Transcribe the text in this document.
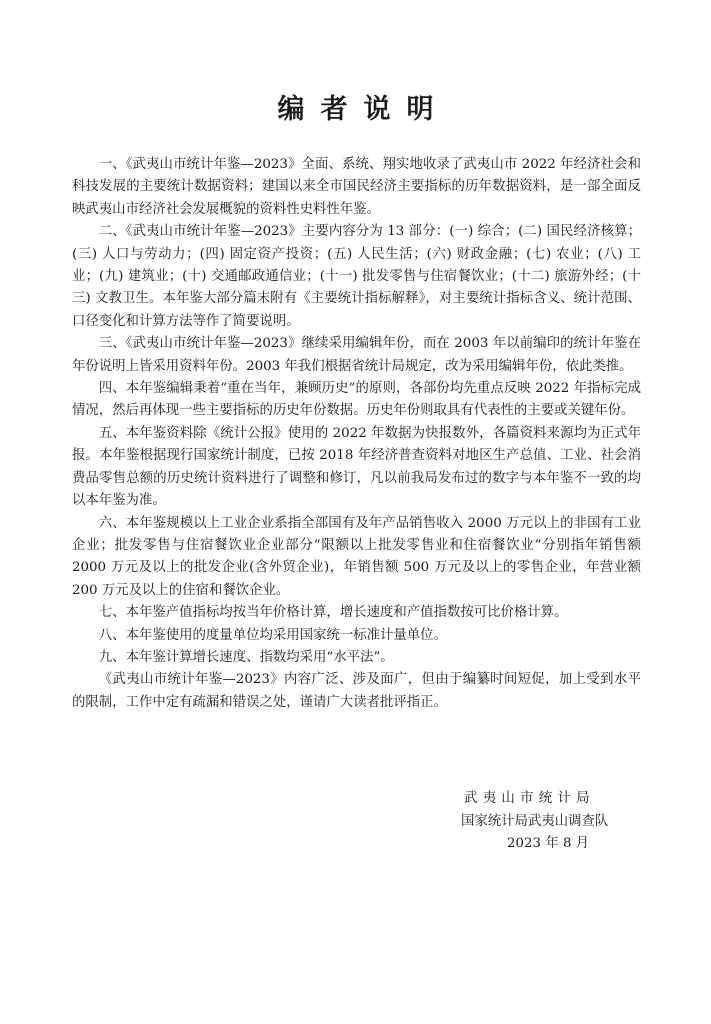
编者说明

一、《武夷山市统计年鉴—2023》全面、系统、翔实地收录了武夷山市 2022 年经济社会和科技发展的主要统计数据资料；建国以来全市国民经济主要指标的历年数据资料，是一部全面反映武夷山市经济社会发展概貌的资料性史料性年鉴。

二、《武夷山市统计年鉴—2023》主要内容分为 13 部分：(一) 综合；(二) 国民经济核算；(三) 人口与劳动力；(四) 固定资产投资；(五) 人民生活；(六) 财政金融；(七) 农业；(八) 工业；(九) 建筑业；(十) 交通邮政通信业；(十一) 批发零售与住宿餐饮业；(十二) 旅游外经；(十三) 文教卫生。本年鉴大部分篇末附有《主要统计指标解释》，对主要统计指标含义、统计范围、口径变化和计算方法等作了简要说明。

三、《武夷山市统计年鉴—2023》继续采用编辑年份，而在 2003 年以前编印的统计年鉴在年份说明上皆采用资料年份。2003 年我们根据省统计局规定，改为采用编辑年份，依此类推。

四、本年鉴编辑秉着“重在当年，兼顾历史”的原则，各部份均先重点反映 2022 年指标完成情况，然后再体现一些主要指标的历史年份数据。历史年份则取具有代表性的主要或关键年份。

五、本年鉴资料除《统计公报》使用的 2022 年数据为快报数外，各篇资料来源均为正式年报。本年鉴根据现行国家统计制度，已按 2018 年经济普查资料对地区生产总值、工业、社会消费品零售总额的历史统计资料进行了调整和修订，凡以前我局发布过的数字与本年鉴不一致的均以本年鉴为准。

六、本年鉴规模以上工业企业系指全部国有及年产品销售收入 2000 万元以上的非国有工业企业；批发零售与住宿餐饮业企业部分“限额以上批发零售业和住宿餐饮业”分别指年销售额 2000 万元及以上的批发企业(含外贸企业)，年销售额 500 万元及以上的零售企业，年营业额 200 万元及以上的住宿和餐饮企业。

七、本年鉴产值指标均按当年价格计算，增长速度和产值指数按可比价格计算。

八、本年鉴使用的度量单位均采用国家统一标准计量单位。

九、本年鉴计算增长速度、指数均采用“水平法”。

《武夷山市统计年鉴—2023》内容广泛、涉及面广，但由于编纂时间短促，加上受到水平的限制，工作中定有疏漏和错误之处，谨请广大读者批评指正。

武夷山市统计局
国家统计局武夷山调查队
2023 年 8 月
